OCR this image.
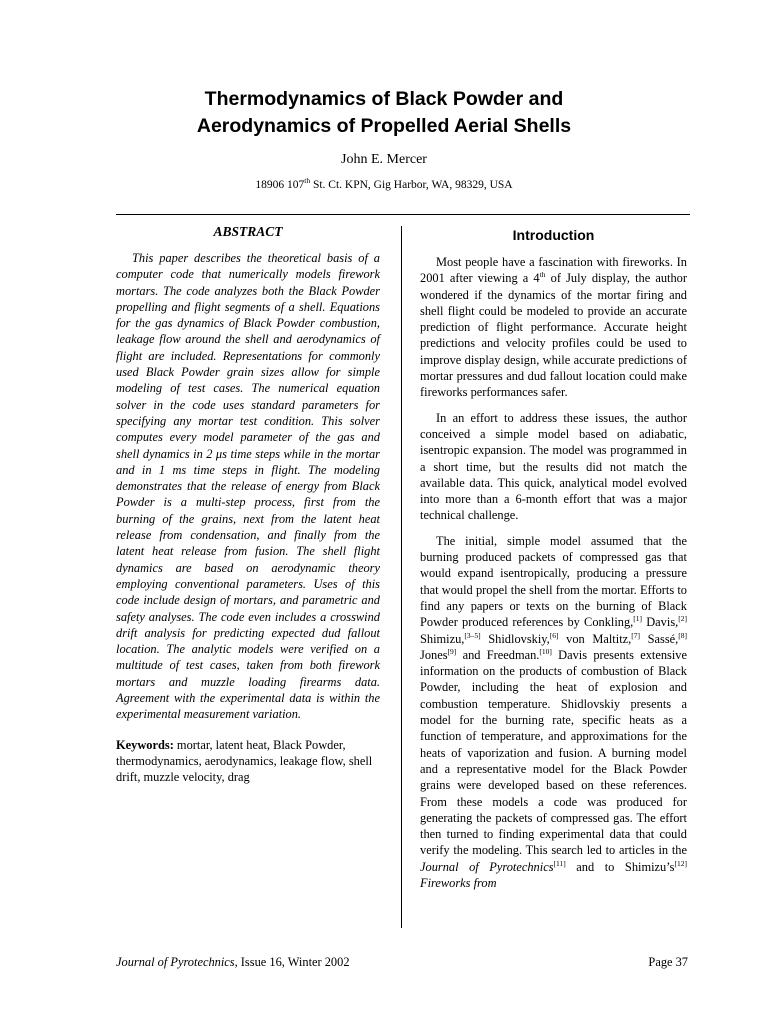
Thermodynamics of Black Powder and
Aerodynamics of Propelled Aerial Shells
John E. Mercer
18906 107th St. Ct. KPN, Gig Harbor, WA, 98329, USA
ABSTRACT

This paper describes the theoretical basis of a computer code that numerically models firework mortars. The code analyzes both the Black Powder propelling and flight segments of a shell. Equations for the gas dynamics of Black Powder combustion, leakage flow around the shell and aerodynamics of flight are included. Representations for commonly used Black Powder grain sizes allow for simple modeling of test cases. The numerical equation solver in the code uses standard parameters for specifying any mortar test condition. This solver computes every model parameter of the gas and shell dynamics in 2 μs time steps while in the mortar and in 1 ms time steps in flight. The modeling demonstrates that the release of energy from Black Powder is a multi-step process, first from the burning of the grains, next from the latent heat release from condensation, and finally from the latent heat release from fusion. The shell flight dynamics are based on aerodynamic theory employing conventional parameters. Uses of this code include design of mortars, and parametric and safety analyses. The code even includes a crosswind drift analysis for predicting expected dud fallout location. The analytic models were verified on a multitude of test cases, taken from both firework mortars and muzzle loading firearms data. Agreement with the experimental data is within the experimental measurement variation.

Keywords: mortar, latent heat, Black Powder, thermodynamics, aerodynamics, leakage flow, shell drift, muzzle velocity, drag

Introduction

Most people have a fascination with fireworks. In 2001 after viewing a 4th of July display, the author wondered if the dynamics of the mortar firing and shell flight could be modeled to provide an accurate prediction of flight performance. Accurate height predictions and velocity profiles could be used to improve display design, while accurate predictions of mortar pressures and dud fallout location could make fireworks performances safer.

In an effort to address these issues, the author conceived a simple model based on adiabatic, isentropic expansion. The model was programmed in a short time, but the results did not match the available data. This quick, analytical model evolved into more than a 6-month effort that was a major technical challenge.

The initial, simple model assumed that the burning produced packets of compressed gas that would expand isentropically, producing a pressure that would propel the shell from the mortar. Efforts to find any papers or texts on the burning of Black Powder produced references by Conkling,[1] Davis,[2] Shimizu,[3–5] Shidlovskiy,[6] von Maltitz,[7] Sassé,[8] Jones[9] and Freedman.[10] Davis presents extensive information on the products of combustion of Black Powder, including the heat of explosion and combustion temperature. Shidlovskiy presents a model for the burning rate, specific heats as a function of temperature, and approximations for the heats of vaporization and fusion. A burning model and a representative model for the Black Powder grains were developed based on these references. From these models a code was produced for generating the packets of compressed gas. The effort then turned to finding experimental data that could verify the modeling. This search led to articles in the Journal of Pyrotechnics[11] and to Shimizu’s[12] Fireworks from

Journal of Pyrotechnics, Issue 16, Winter 2002	Page 37
